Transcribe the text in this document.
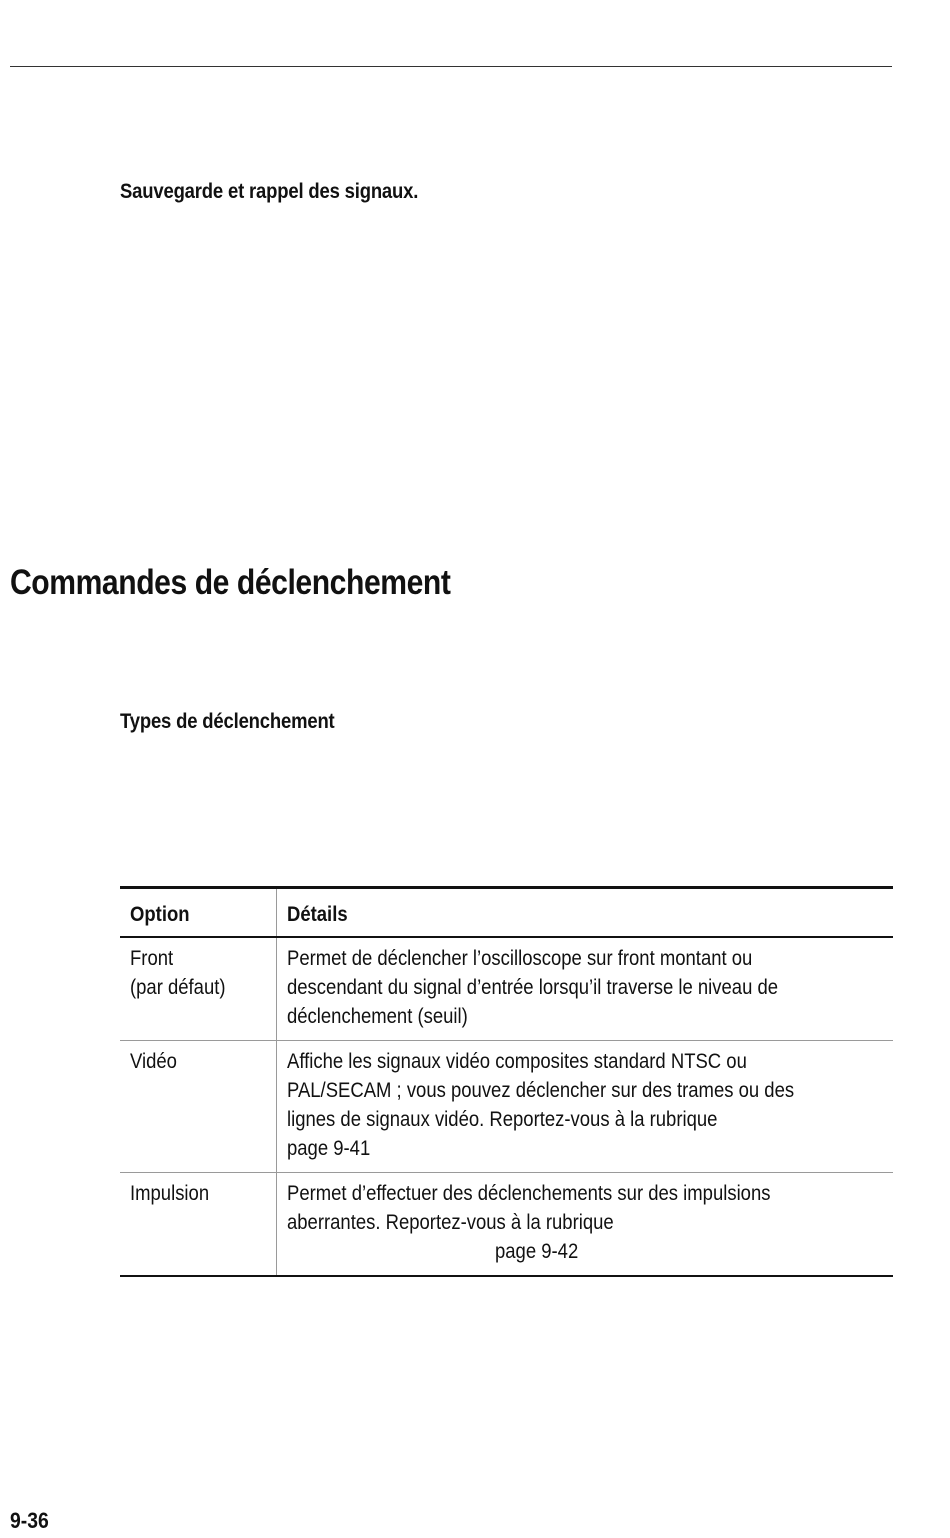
Sauvegarde et rappel des signaux.
Commandes de déclenchement
Types de déclenchement
Option	Détails

Front
(par défaut)	Permet de déclencher l’oscilloscope sur front montant ou
descendant du signal d’entrée lorsqu’il traverse le niveau de
déclenchement (seuil)

Vidéo	Affiche les signaux vidéo composites standard NTSC ou
PAL/SECAM ; vous pouvez déclencher sur des trames ou des
lignes de signaux vidéo. Reportez-vous à la rubrique
page 9-41

Impulsion	Permet d’effectuer des déclenchements sur des impulsions
aberrantes. Reportez-vous à la rubrique
page 9-42
9-36
